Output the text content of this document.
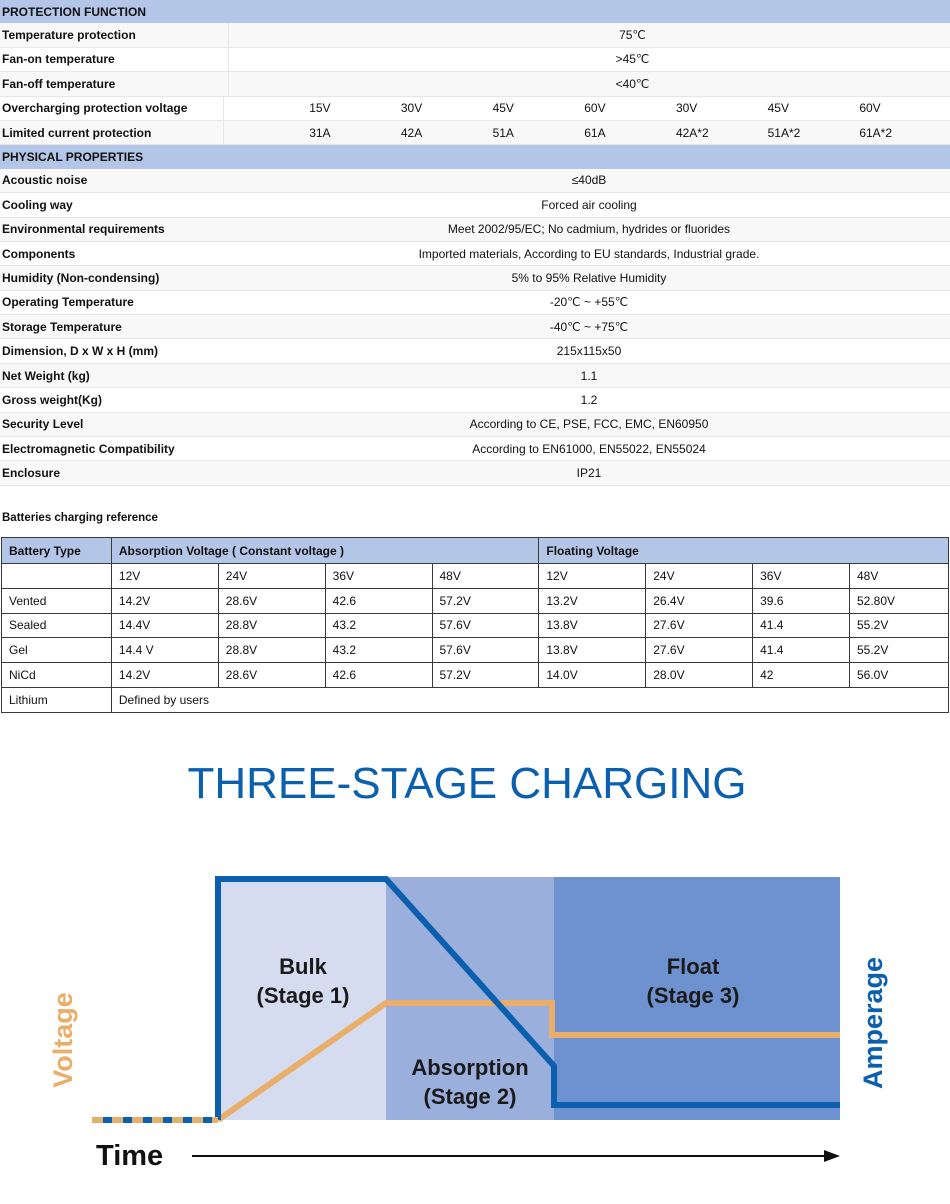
PROTECTION FUNCTION
Temperature protection	75℃
Fan-on temperature	>45℃
Fan-off temperature	<40℃
Overcharging protection voltage	15V	30V	45V	60V	30V	45V	60V
Limited current protection	31A	42A	51A	61A	42A*2	51A*2	61A*2
PHYSICAL PROPERTIES
Acoustic noise	≤40dB
Cooling way	Forced air cooling
Environmental requirements	Meet 2002/95/EC; No cadmium, hydrides or fluorides
Components	Imported materials, According to EU standards, Industrial grade.
Humidity (Non-condensing)	5% to 95% Relative Humidity
Operating Temperature	-20℃ ~ +55℃
Storage Temperature	-40℃ ~ +75℃
Dimension, D x W x H (mm)	215x115x50
Net Weight (kg)	1.1
Gross weight(Kg)	1.2
Security Level	According to CE, PSE, FCC, EMC, EN60950
Electromagnetic Compatibility	According to EN61000, EN55022, EN55024
Enclosure	IP21
Batteries charging reference
Battery Type	Absorption Voltage ( Constant voltage )				Floating Voltage			
	12V	24V	36V	48V	12V	24V	36V	48V
Vented	14.2V	28.6V	42.6	57.2V	13.2V	26.4V	39.6	52.80V
Sealed	14.4V	28.8V	43.2	57.6V	13.8V	27.6V	41.4	55.2V
Gel	14.4 V	28.8V	43.2	57.6V	13.8V	27.6V	41.4	55.2V
NiCd	14.2V	28.6V	42.6	57.2V	14.0V	28.0V	42	56.0V
Lithium	Defined by users							
THREE-STAGE CHARGING
Bulk
(Stage 1)
Absorption
(Stage 2)
Float
(Stage 3)
Voltage	Amperage
Time
